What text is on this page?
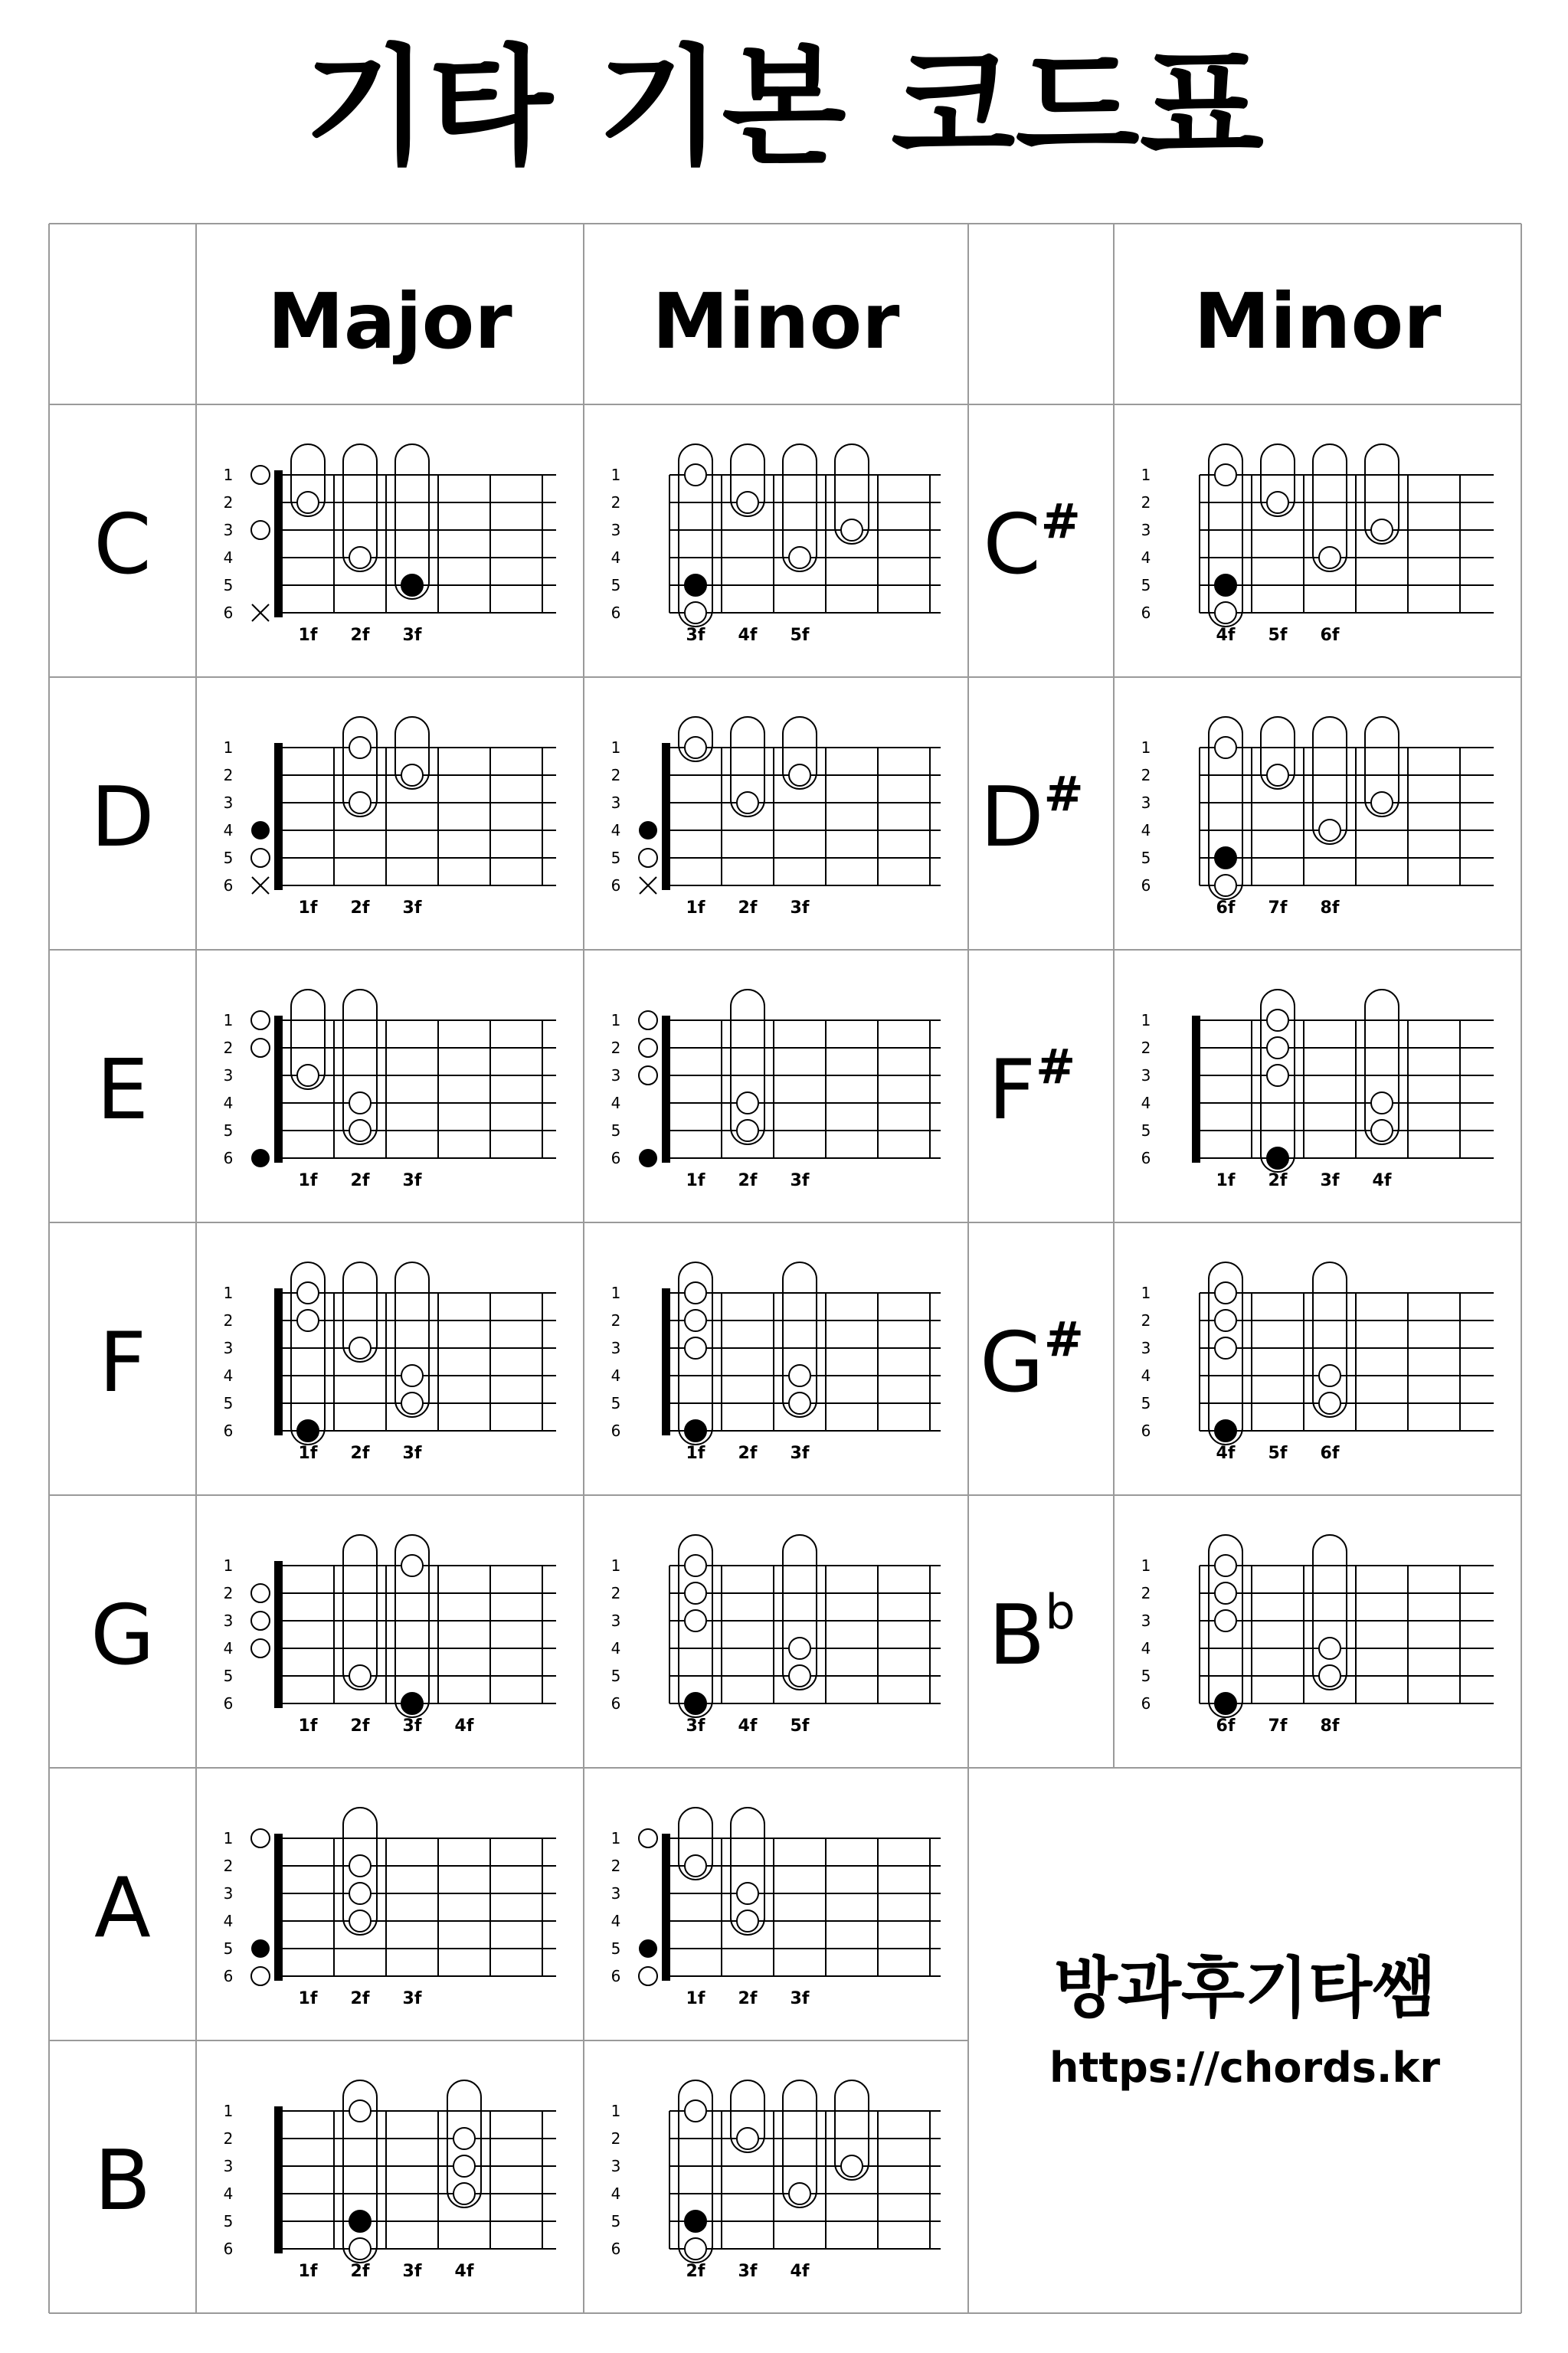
기타 기본 코드표
Major Minor	Minor
C
D
E
F
G
A
B
C#
D#
F#
G#
$B^b$
1
2
3
4
5
6
1f 2f 3f
1
2
3
4
5
6
3f 4f 5f
1
2
3
4
5
6
4f 5f 6f
1
2
3
4
5
6
1f 2f 3f
1
2
3
4
5
6
1f 2f 3f
1
2
3
4
5
6
6f 7f 8f
1
2
3
4
5
6
1f 2f 3f
1
2
3
4
5
6
1f 2f 3f
1
2
3
4
5
6
1f 2f 3f 4f
1
2
3
4
5
6
1f 2f 3f
1
2
3
4
5
6
1f 2f 3f
1
2
3
4
5
6
4f 5f 6f
1
2
3
4
5
6
1f 2f 3f 4f
1
2
3
4
5
6
3f 4f 5f
1
2
3
4
5
6
6f 7f 8f
1
2
3
4
5
6
1f 2f 3f
1
2
3
4
5
6
1f 2f 3f
1
2
3
4
5
6
1f 2f 3f 4f
1
2
3
4
5
6
2f 3f 4f
방과후기타쌤
https://chords.kr
